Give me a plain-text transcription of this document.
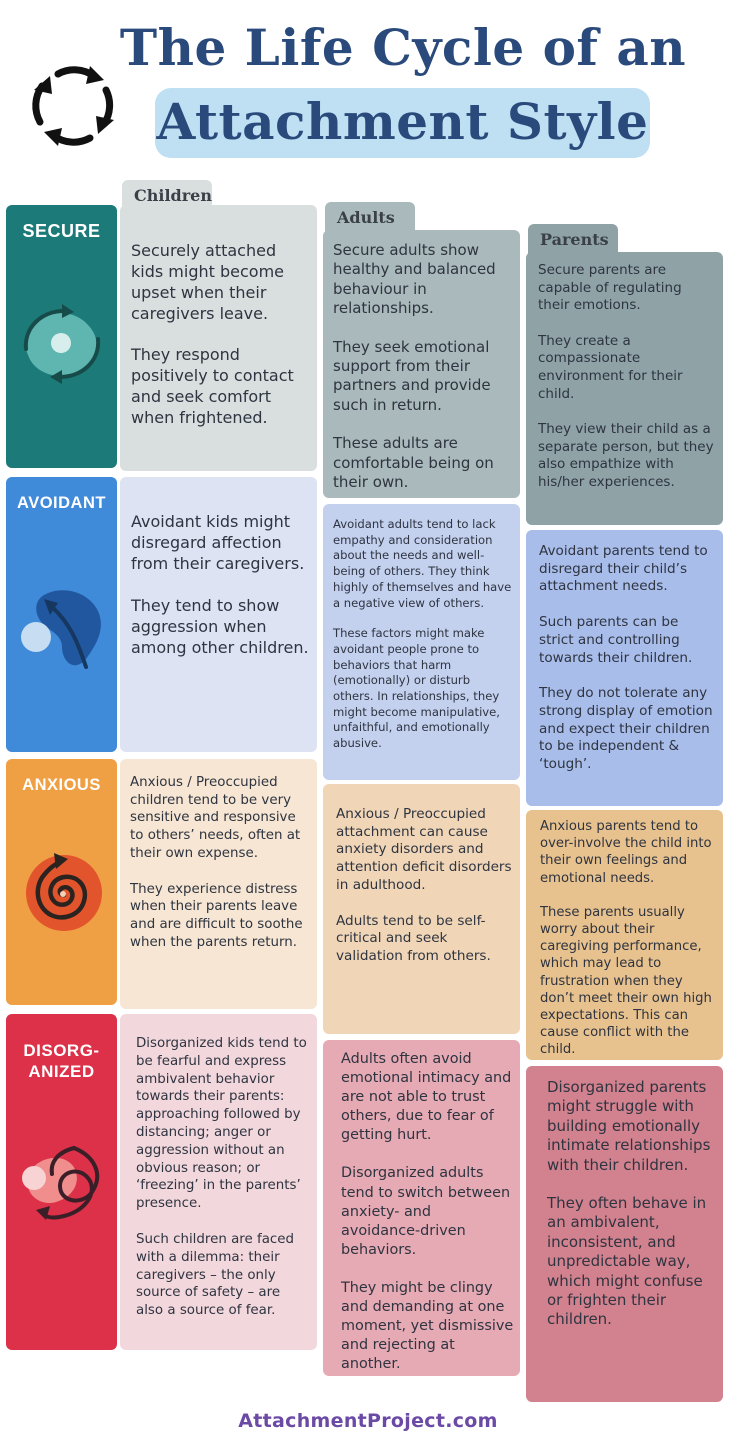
The Life Cycle of an
Attachment Style
Children
Adults
Parents
SECURE

Securely attached kids might become upset when their caregivers leave.

They respond positively to contact and seek comfort when frightened.

Secure adults show healthy and balanced behaviour in relationships.

They seek emotional support from their partners and provide such in return.

These adults are comfortable being on their own.

Secure parents are capable of regulating their emotions.

They create a compassionate environment for their child.

They view their child as a separate person, but they also empathize with his/her experiences.

AVOIDANT

Avoidant kids might disregard affection from their caregivers.

They tend to show aggression when among other children.

Avoidant adults tend to lack empathy and consideration about the needs and well-being of others. They think highly of themselves and have a negative view of others.

These factors might make avoidant people prone to behaviors that harm (emotionally) or disturb others. In relationships, they might become manipulative, unfaithful, and emotionally abusive.

Avoidant parents tend to disregard their child’s attachment needs.

Such parents can be strict and controlling towards their children.

They do not tolerate any strong display of emotion and expect their children to be independent & ‘tough’.

ANXIOUS	Anxious / Preoccupied children tend to be very sensitive and responsive to others’ needs, often at their own expense.

They experience distress when their parents leave and are difficult to soothe when the parents return.

Anxious / Preoccupied attachment can cause anxiety disorders and attention deficit disorders in adulthood.

Adults tend to be self-critical and seek validation from others.

Anxious parents tend to over-involve the child into their own feelings and emotional needs.

These parents usually worry about their caregiving performance, which may lead to frustration when they don’t meet their own high expectations. This can cause conflict with the child.

DISORG-
ANIZED

Disorganized kids tend to be fearful and express ambivalent behavior towards their parents: approaching followed by distancing; anger or aggression without an obvious reason; or ‘freezing’ in the parents’ presence.

Such children are faced with a dilemma: their caregivers – the only source of safety – are also a source of fear.

Adults often avoid emotional intimacy and are not able to trust others, due to fear of getting hurt.

Disorganized adults tend to switch between anxiety- and avoidance-driven behaviors.

They might be clingy and demanding at one moment, yet dismissive and rejecting at another.

Disorganized parents might struggle with building emotionally intimate relationships with their children.

They often behave in an ambivalent, inconsistent, and unpredictable way, which might confuse or frighten their children.

AttachmentProject.com
